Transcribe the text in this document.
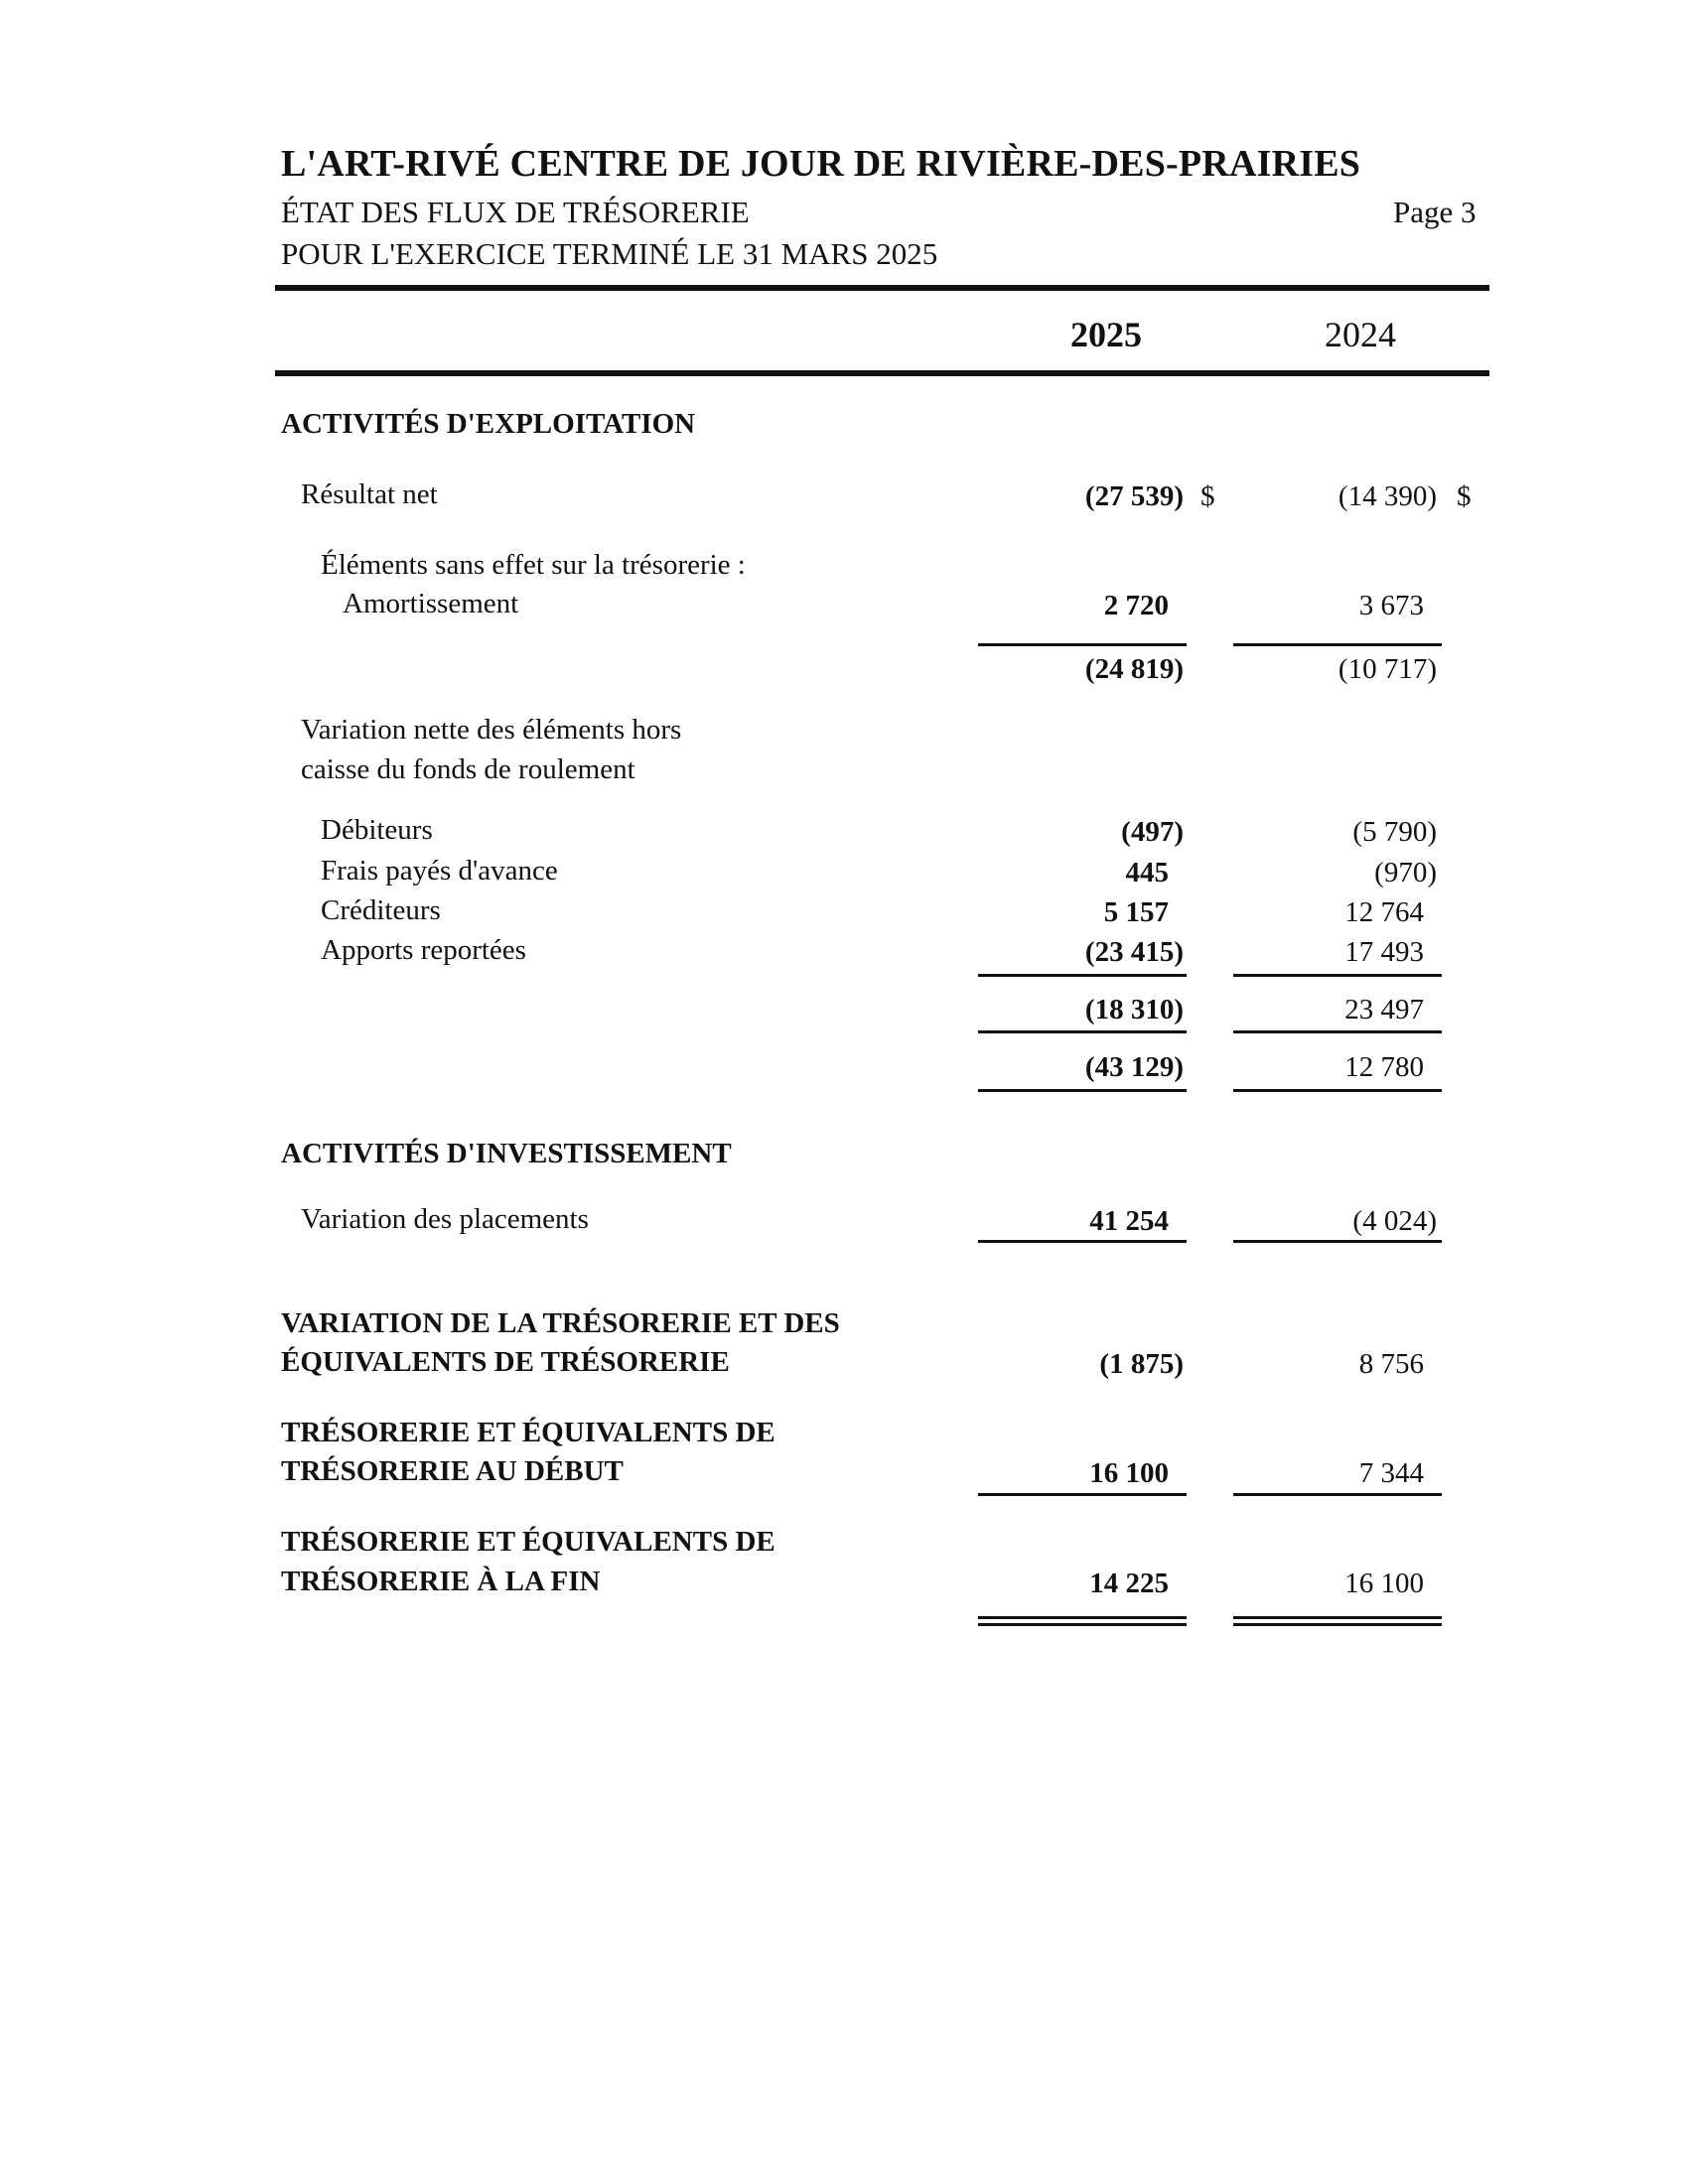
L'ART-RIVÉ CENTRE DE JOUR DE RIVIÈRE-DES-PRAIRIES
ÉTAT DES FLUX DE TRÉSORERIE	Page 3
POUR L'EXERCICE TERMINÉ LE 31 MARS 2025
2025	2024
ACTIVITÉS D'EXPLOITATION
Résultat net	(27 539) $	(14 390) $
Éléments sans effet sur la trésorerie :
Amortissement	2 720	3 673
(24 819)	(10 717)
Variation nette des éléments hors
caisse du fonds de roulement
Débiteurs	(497)	(5 790)
Frais payés d'avance	445	(970)
Créditeurs	5 157	12 764
Apports reportées	(23 415)	17 493
(18 310)	23 497
(43 129)	12 780
ACTIVITÉS D'INVESTISSEMENT
Variation des placements	41 254	(4 024)
VARIATION DE LA TRÉSORERIE ET DES
ÉQUIVALENTS DE TRÉSORERIE	(1 875)	8 756
TRÉSORERIE ET ÉQUIVALENTS DE
TRÉSORERIE AU DÉBUT	16 100	7 344
TRÉSORERIE ET ÉQUIVALENTS DE
TRÉSORERIE À LA FIN	14 225	16 100
